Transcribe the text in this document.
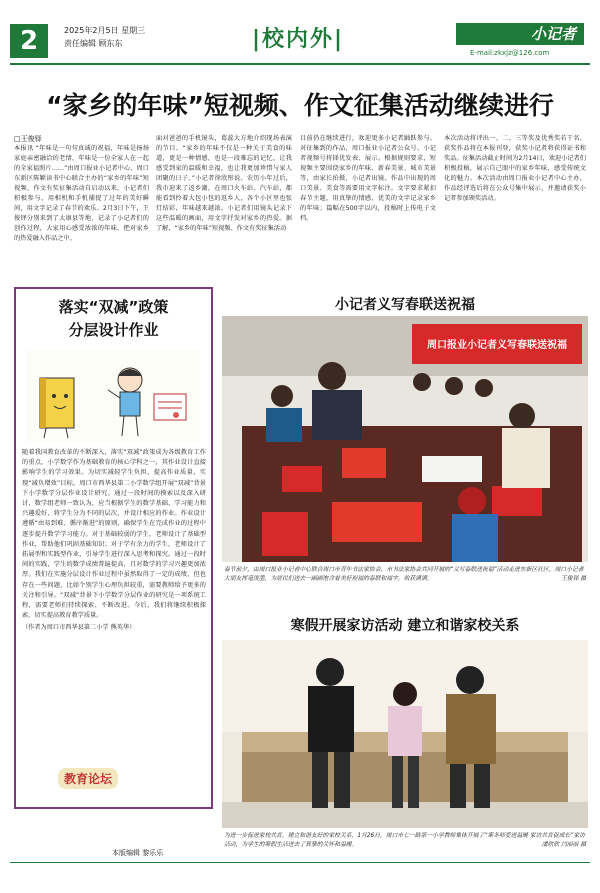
2	2025年2月5日 星期三
责任编辑 顾东东	|校内外|	小记者
E-mail:zkxjz@126.com
“家乡的年味”短视频、作文征集活动继续进行
□王俊铎
本报讯 “年味是一句句真诚的祝福，年味是扬扬家庭亲密融洽的老情，年味是一份全家人在一起的全家福照片……”由周口报业小记者中心、周口东新区陈颖读书中心联合主办的“家乡的年味”短视频、作文有奖征集活动自启动以来，小记者们积极参与，用相机和手机捕捉了过年的美好瞬间，用文字记录了春节的欢乐。2月3日下午，王俊铎分别来到了太康县等地，记录了小记者们的创作过程，大家用心感受浓浓的年味，把对家乡的热爱融入作品之中。
面对爸爸的手机镜头，葛蕊大方地介绍现场表演的节目。“家乡的年味不仅是一种关于美食的味道，更是一种情感，也是一段难忘的记忆，让我感受到家的温暖和幸福，也让我更加珍惜与家人团聚的日子。”小记者徐欣彤说。农历小年过后，我市迎来了返乡潮，在周口火车站、汽车站，都能看到拎着大包小包的返乡人，各个小区里也张灯结彩，年味越来越浓。小记者们用镜头记录下这些温暖的画面，用文字抒发对家乡的热爱。据了解，“家乡的年味”短视频、作文有奖征集活动
目前仍在继续进行，欢迎更多小记者踊跃参与。对征集到的作品，周口报业小记者公众号、小记者视频号将择优发表、展示。根据规则要求，短视频主要围绕家乡的年味、新春美景、城市美景等，由家长拍摄、小记者出镜。作品中出现的周口美景、美食等需要用文字标注。文字要求紧扣春节主题，用真挚的情感、优美的文字记录家乡的年味；篇幅在500字以内，投稿时上传电子文档。
本次活动将评出一、二、三等奖及优秀奖若干名，获奖作品将在本报刊登，获奖小记者将获得证书和奖品。征集活动截止时间为2月14日，欢迎小记者们积极投稿，展示自己眼中的家乡年味，感受传统文化的魅力。本次活动由周口报业小记者中心主办，作品经评选后将在公众号集中展示，并邀请获奖小记者参加颁奖活动。
落实“双减”政策
分层设计作业
随着我国教育改革的不断深入，落实“双减”政策成为各级教育工作的重点，小学数学作为基础教育的核心学科之一，其作业设计直接影响学生的学习效果。为切实减轻学生负担，提高作业质量，实现“减负增效”目标，周口市西华县第二小学数学组开展“双减”背景下小学数学分层作业设计研究。通过一段时间的摸索以及深入研讨，数学组老师一致认为，应当根据学生的数学基础、学习能力和兴趣爱好，将学生分为不同的层次，并设计相应的作业。作业设计遵循“由易到难、循序渐进”的原则，确保学生在完成作业的过程中逐步提升数学学习能力。对于基础较弱的学生，老师设计了基础型作业，帮助他们巩固基础知识；对于学有余力的学生，老师设计了拓展型和实践型作业，引导学生进行深入思考和探究。通过一段时间的实践，学生的数学成绩普遍提高，且对数学的学习兴趣更加浓厚。我们在实施分层设计作业过程中虽然取得了一定的成绩，但也存在一些问题，比如个别学生心理负担较重，需要教师给予更多的关注和引导。“双减”背景下小学数学分层作业的研究是一项系统工程，需要老师们持续探索、不断改进。今后，我们将继续积极探索，切实提高教育教学质量。
（作者为周口市西华县第二小学 熊英华）
教育论坛
小记者义写春联送祝福
周口报业小记者义写春联送祝福
春节前夕，由周口报业小记者中心联合周口市青年书法家协会、市书法家协会共同开展的“义写春联送祝福”活动走进东新区社区，周口小记者大朋友挥毫泼墨，为居民们送去一副副饱含着美好祝福的春联和福字，收获满满。	王俊铎 摄
寒假开展家访活动 建立和谐家校关系
为进一步促进家校共育，建立和谐友好的家校关系，1月26日，周口市七一路第一小学教师集体开展了“寒冬师爱送温暖 家访共育促成长”家访活动，为学生的寒假生活送去了真挚的关怀和温暖。	潘欣欣 闫丽丽 摄
本版编辑 黎乐乐
